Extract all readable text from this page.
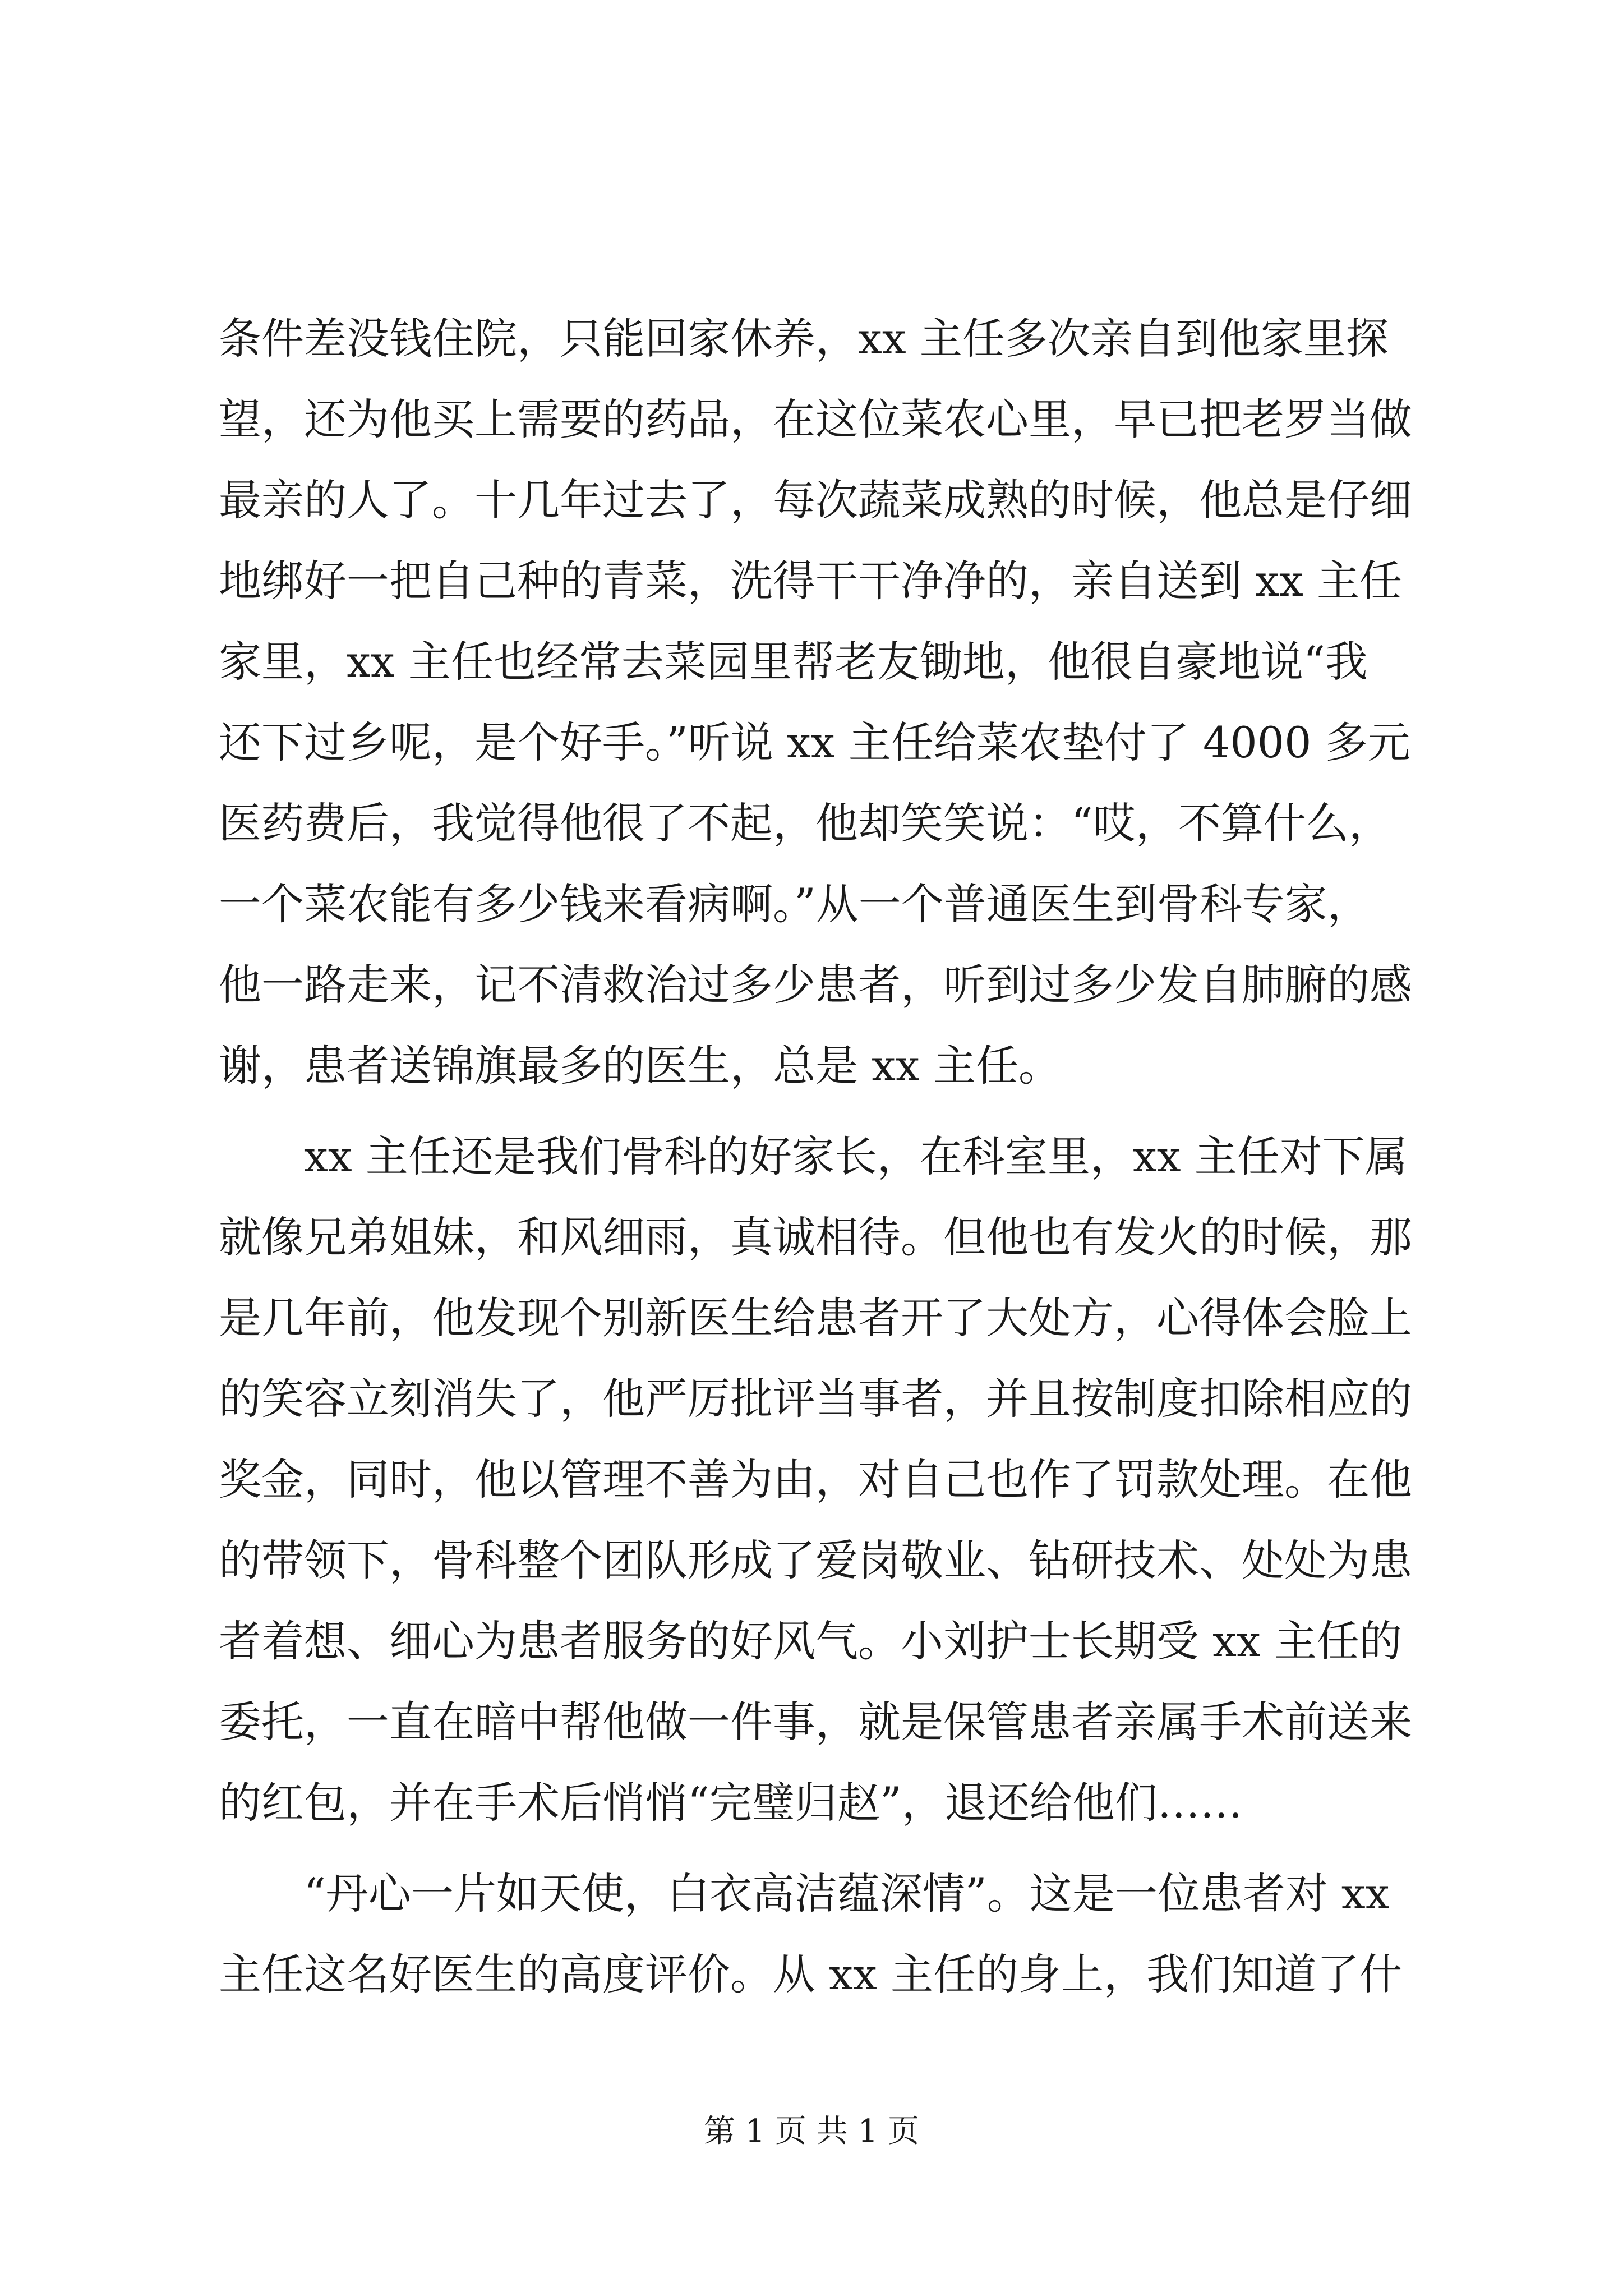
条件差没钱住院，只能回家休养，xx 主任多次亲自到他家里探
望，还为他买上需要的药品，在这位菜农心里，早已把老罗当做
最亲的人了。十几年过去了，每次蔬菜成熟的时候，他总是仔细
地绑好一把自己种的青菜，洗得干干净净的，亲自送到 xx 主任
家里，xx 主任也经常去菜园里帮老友锄地，他很自豪地说“我
还下过乡呢，是个好手。”听说 xx 主任给菜农垫付了 4000 多元
医药费后，我觉得他很了不起，他却笑笑说：“哎，不算什么，
一个菜农能有多少钱来看病啊。”从一个普通医生到骨科专家，
他一路走来，记不清救治过多少患者，听到过多少发自肺腑的感
谢，患者送锦旗最多的医生，总是 xx 主任。
xx 主任还是我们骨科的好家长，在科室里，xx 主任对下属
就像兄弟姐妹，和风细雨，真诚相待。但他也有发火的时候，那
是几年前，他发现个别新医生给患者开了大处方，心得体会脸上
的笑容立刻消失了，他严厉批评当事者，并且按制度扣除相应的
奖金，同时，他以管理不善为由，对自己也作了罚款处理。在他
的带领下，骨科整个团队形成了爱岗敬业、钻研技术、处处为患
者着想、细心为患者服务的好风气。小刘护士长期受 xx 主任的
委托，一直在暗中帮他做一件事，就是保管患者亲属手术前送来
的红包，并在手术后悄悄“完璧归赵”，退还给他们……
“丹心一片如天使，白衣高洁蕴深情”。这是一位患者对 xx
主任这名好医生的高度评价。从 xx 主任的身上，我们知道了什
第 1 页 共 1 页
